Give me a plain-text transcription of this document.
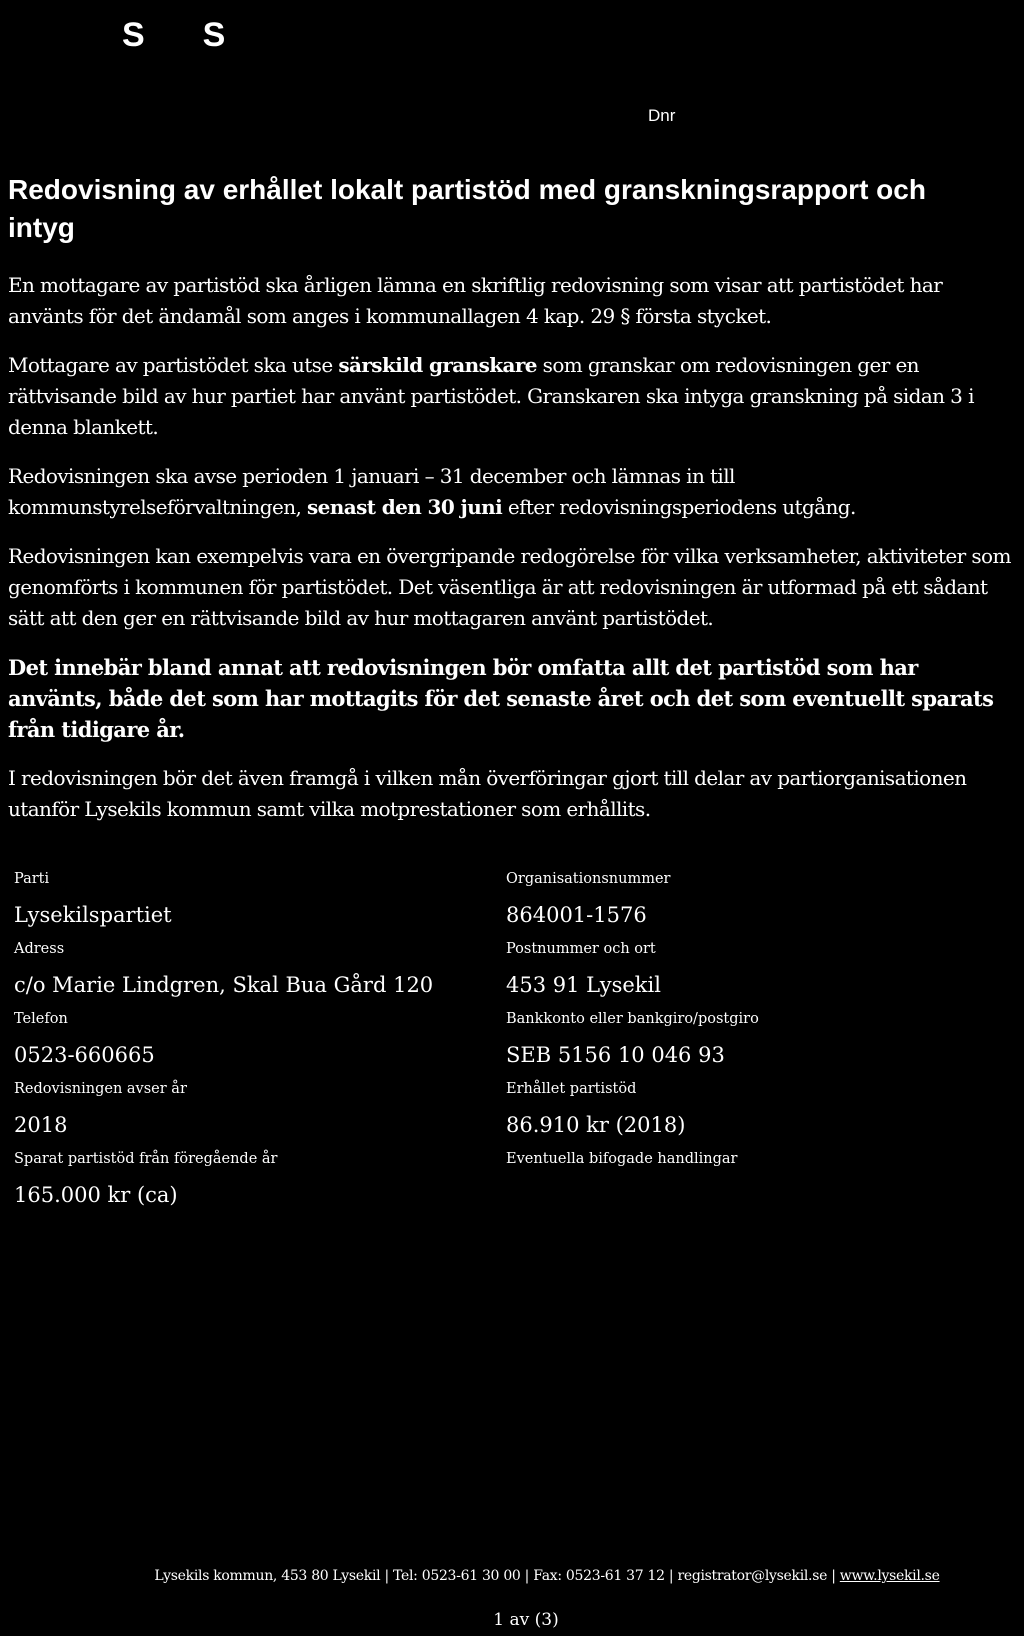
SS
Dnr
Redovisning av erhållet lokalt partistöd med granskningsrapport och intyg

En mottagare av partistöd ska årligen lämna en skriftlig redovisning som visar att partistödet har använts för det ändamål som anges i kommunallagen 4 kap. 29 § första stycket.

Mottagare av partistödet ska utse särskild granskare som granskar om redovisningen ger en rättvisande bild av hur partiet har använt partistödet. Granskaren ska intyga granskning på sidan 3 i denna blankett.

Redovisningen ska avse perioden 1 januari – 31 december och lämnas in till kommunstyrelseförvaltningen, senast den 30 juni efter redovisningsperiodens utgång.

Redovisningen kan exempelvis vara en övergripande redogörelse för vilka verksamheter, aktiviteter som genomförts i kommunen för partistödet. Det väsentliga är att redovisningen är utformad på ett sådant sätt att den ger en rättvisande bild av hur mottagaren använt partistödet.

Det innebär bland annat att redovisningen bör omfatta allt det partistöd som har använts, både det som har mottagits för det senaste året och det som eventuellt sparats från tidigare år.

I redovisningen bör det även framgå i vilken mån överföringar gjort till delar av partiorganisationen utanför Lysekils kommun samt vilka motprestationer som erhållits.

Parti
Lysekilspartiet
Adress
c/o Marie Lindgren, Skal Bua Gård 120
Telefon
0523-660665
Redovisningen avser år
2018
Sparat partistöd från föregående år
165.000 kr (ca)
Organisationsnummer
864001-1576
Postnummer och ort
453 91 Lysekil
Bankkonto eller bankgiro/postgiro
SEB 5156 10 046 93
Erhållet partistöd
86.910 kr (2018)
Eventuella bifogade handlingar
Lysekils kommun, 453 80 Lysekil | Tel: 0523-61 30 00 | Fax: 0523-61 37 12 | registrator@lysekil.se | www.lysekil.se
1 av (3)
